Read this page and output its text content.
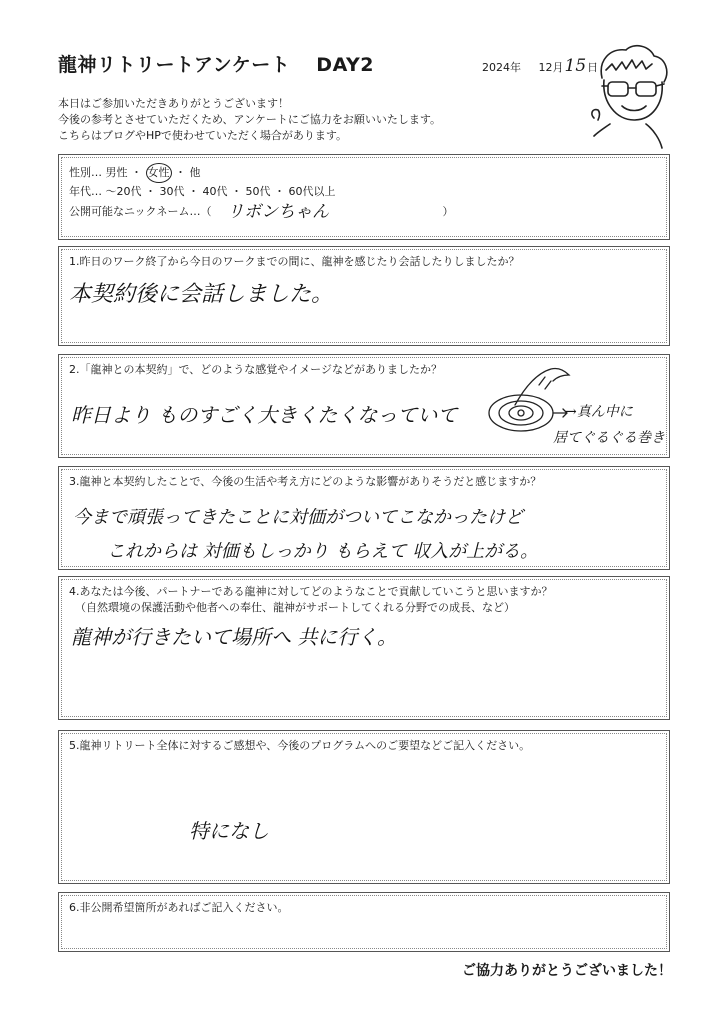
龍神リトリートアンケート DAY2	2024年 12月15日
本日はご参加いただきありがとうございます！
今後の参考とさせていただくため、アンケートにご協力をお願いいたします。
こちらはブログやHPで使わせていただく場合があります。
性別… 男性 ・ 女性 ・ 他
年代… ～20代 ・ 30代 ・ 40代 ・ 50代 ・ 60代以上
公開可能なニックネーム…（ リボンちゃん	）
1.昨日のワーク終了から今日のワークまでの間に、龍神を感じたり会話したりしましたか？
本契約後に会話しました。
2.「龍神との本契約」で、どのような感覚やイメージなどがありましたか？
昨日より ものすごく大きくたくなっていて	→真ん中に
居てぐるぐる巻き
3.龍神と本契約したことで、今後の生活や考え方にどのような影響がありそうだと感じますか？
今まで頑張ってきたことに対価がついてこなかったけど
これからは 対価もしっかり もらえて 収入が上がる。
4.あなたは今後、パートナーである龍神に対してどのようなことで貢献していこうと思いますか？
（自然環境の保護活動や他者への奉仕、龍神がサポートしてくれる分野での成長、など）
龍神が行きたいて場所へ 共に行く。
5.龍神リトリート全体に対するご感想や、今後のプログラムへのご要望などご記入ください。
特になし
6.非公開希望箇所があればご記入ください。
ご協力ありがとうございました！
